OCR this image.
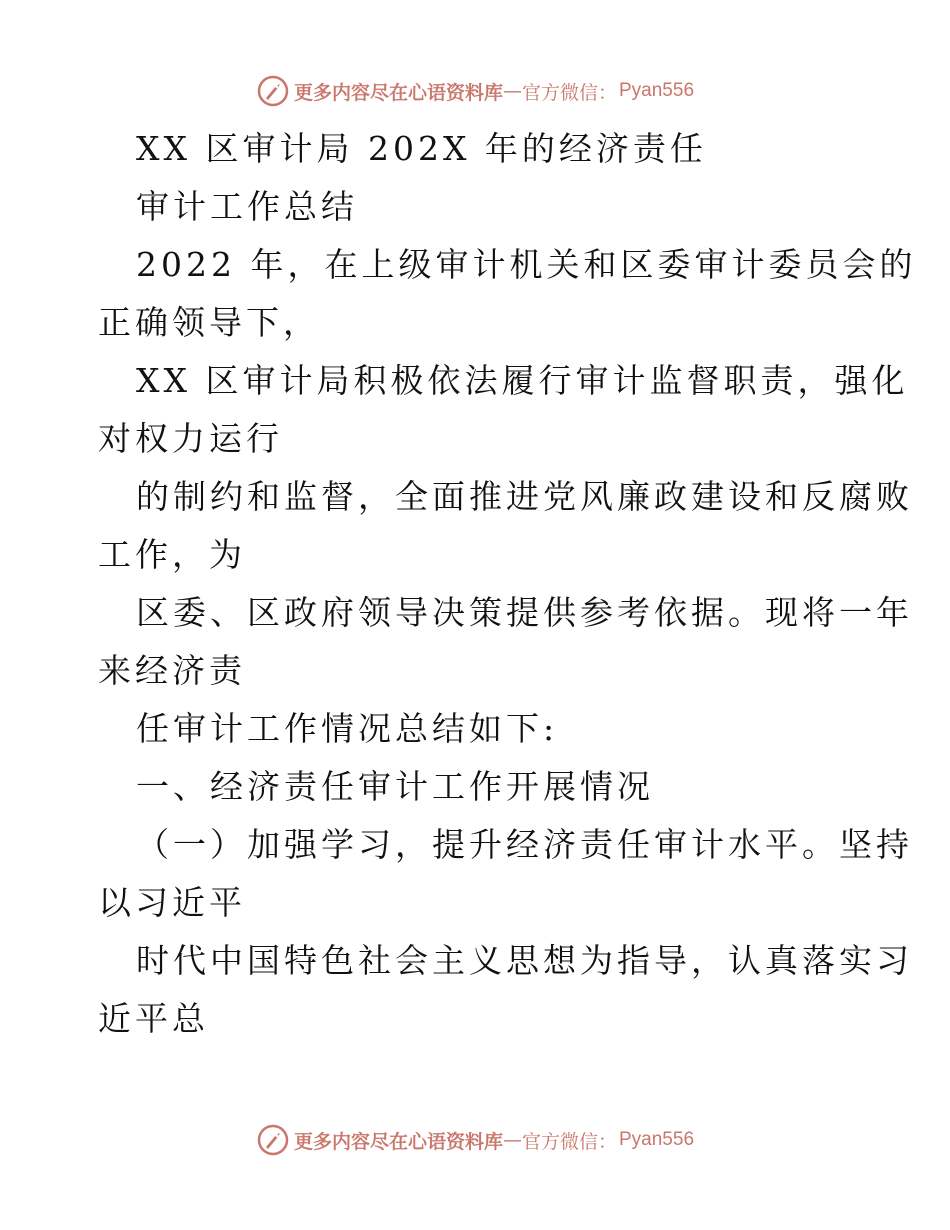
更多内容尽在心语资料库 — 官方微信： Pyan556
XX 区审计局 202X 年的经济责任
审计工作总结
2022 年，在上级审计机关和区委审计委员会的
正确领导下，
XX 区审计局积极依法履行审计监督职责，强化
对权力运行
的制约和监督，全面推进党风廉政建设和反腐败
工作，为
区委、区政府领导决策提供参考依据。现将一年
来经济责
任审计工作情况总结如下:
一、经济责任审计工作开展情况
（一）加强学习，提升经济责任审计水平。坚持
以习近平
时代中国特色社会主义思想为指导，认真落实习
近平总
更多内容尽在心语资料库 — 官方微信： Pyan556
